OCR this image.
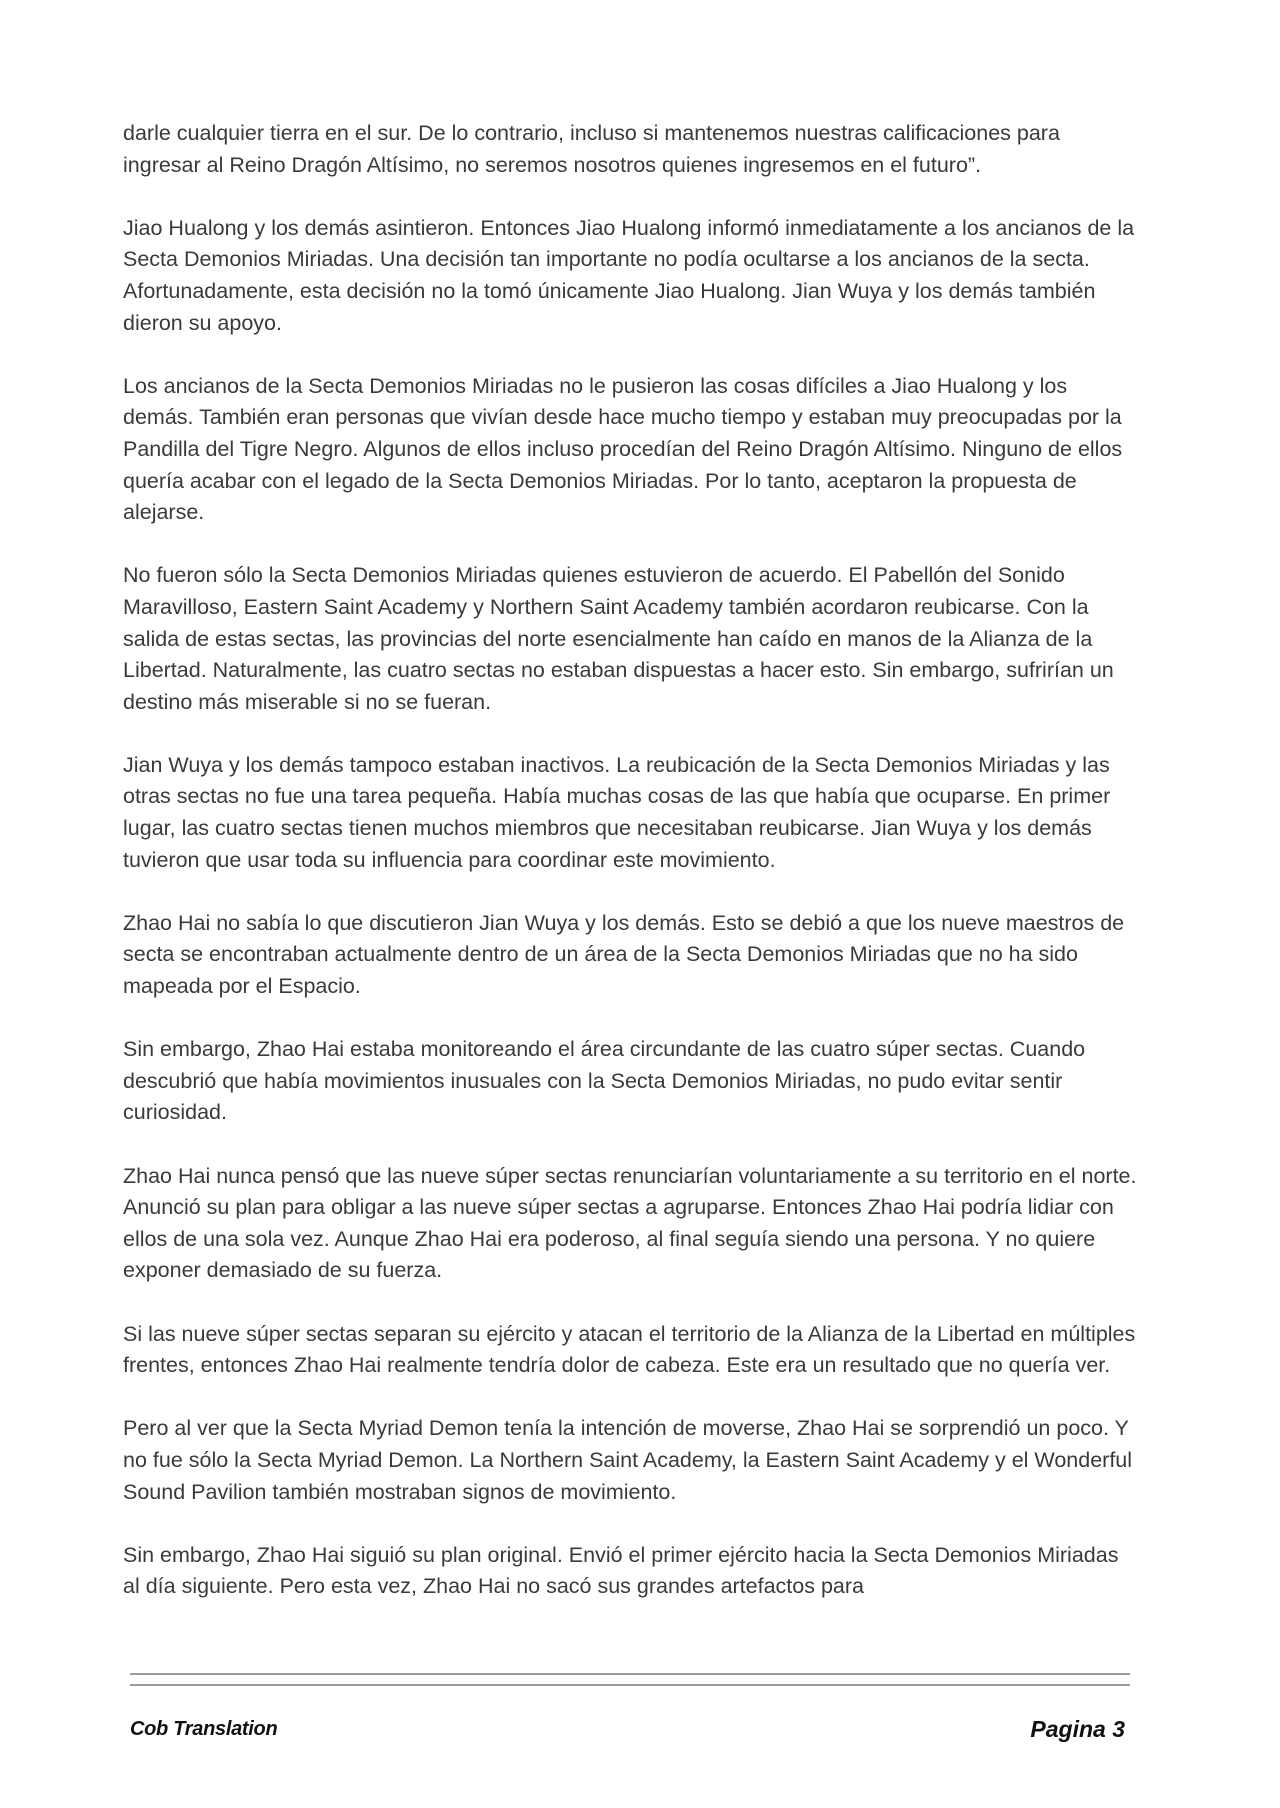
darle cualquier tierra en el sur. De lo contrario, incluso si mantenemos nuestras calificaciones para ingresar al Reino Dragón Altísimo, no seremos nosotros quienes ingresemos en el futuro”.

Jiao Hualong y los demás asintieron. Entonces Jiao Hualong informó inmediatamente a los ancianos de la Secta Demonios Miriadas. Una decisión tan importante no podía ocultarse a los ancianos de la secta. Afortunadamente, esta decisión no la tomó únicamente Jiao Hualong. Jian Wuya y los demás también dieron su apoyo.

Los ancianos de la Secta Demonios Miriadas no le pusieron las cosas difíciles a Jiao Hualong y los demás. También eran personas que vivían desde hace mucho tiempo y estaban muy preocupadas por la Pandilla del Tigre Negro. Algunos de ellos incluso procedían del Reino Dragón Altísimo. Ninguno de ellos quería acabar con el legado de la Secta Demonios Miriadas. Por lo tanto, aceptaron la propuesta de alejarse.

No fueron sólo la Secta Demonios Miriadas quienes estuvieron de acuerdo. El Pabellón del Sonido Maravilloso, Eastern Saint Academy y Northern Saint Academy también acordaron reubicarse. Con la salida de estas sectas, las provincias del norte esencialmente han caído en manos de la Alianza de la Libertad. Naturalmente, las cuatro sectas no estaban dispuestas a hacer esto. Sin embargo, sufrirían un destino más miserable si no se fueran.

Jian Wuya y los demás tampoco estaban inactivos. La reubicación de la Secta Demonios Miriadas y las otras sectas no fue una tarea pequeña. Había muchas cosas de las que había que ocuparse. En primer lugar, las cuatro sectas tienen muchos miembros que necesitaban reubicarse. Jian Wuya y los demás tuvieron que usar toda su influencia para coordinar este movimiento.

Zhao Hai no sabía lo que discutieron Jian Wuya y los demás. Esto se debió a que los nueve maestros de secta se encontraban actualmente dentro de un área de la Secta Demonios Miriadas que no ha sido mapeada por el Espacio.

Sin embargo, Zhao Hai estaba monitoreando el área circundante de las cuatro súper sectas. Cuando descubrió que había movimientos inusuales con la Secta Demonios Miriadas, no pudo evitar sentir curiosidad.

Zhao Hai nunca pensó que las nueve súper sectas renunciarían voluntariamente a su territorio en el norte. Anunció su plan para obligar a las nueve súper sectas a agruparse. Entonces Zhao Hai podría lidiar con ellos de una sola vez. Aunque Zhao Hai era poderoso, al final seguía siendo una persona. Y no quiere exponer demasiado de su fuerza.

Si las nueve súper sectas separan su ejército y atacan el territorio de la Alianza de la Libertad en múltiples frentes, entonces Zhao Hai realmente tendría dolor de cabeza. Este era un resultado que no quería ver.

Pero al ver que la Secta Myriad Demon tenía la intención de moverse, Zhao Hai se sorprendió un poco. Y no fue sólo la Secta Myriad Demon. La Northern Saint Academy, la Eastern Saint Academy y el Wonderful Sound Pavilion también mostraban signos de movimiento.

Sin embargo, Zhao Hai siguió su plan original. Envió el primer ejército hacia la Secta Demonios Miriadas al día siguiente. Pero esta vez, Zhao Hai no sacó sus grandes artefactos para

Cob Translation	Pagina 3
